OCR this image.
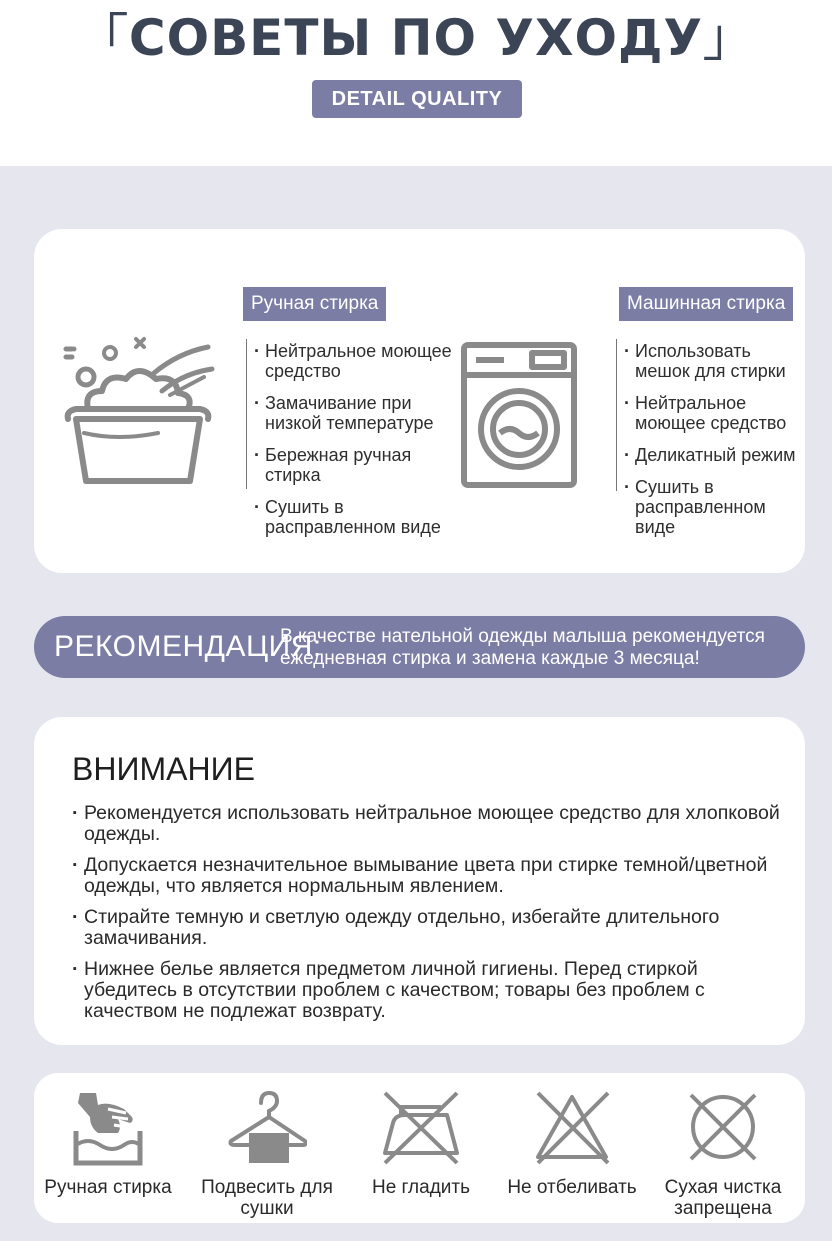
「СОВЕТЫ ПО УХОДУ」
DETAIL QUALITY
Ручная стирка
· Нейтральное моющее средство
· Замачивание при низкой температуре
· Бережная ручная стирка
· Сушить в расправленном виде
Машинная стирка
· Использовать мешок для стирки
· Нейтральное моющее средство
· Деликатный режим
· Сушить в расправленном виде
РЕКОМЕНДАЦИЯ:
В качестве нательной одежды малыша рекомендуется ежедневная стирка и замена каждые 3 месяца!
ВНИМАНИЕ
· Рекомендуется использовать нейтральное моющее средство для хлопковой одежды.
· Допускается незначительное вымывание цвета при стирке темной/цветной одежды, что является нормальным явлением.
· Стирайте темную и светлую одежду отдельно, избегайте длительного замачивания.
· Нижнее белье является предметом личной гигиены. Перед стиркой убедитесь в отсутствии проблем с качеством; товары без проблем с качеством не подлежат возврату.
Ручная стирка	Подвесить для сушки
Не гладить	Не отбеливать	Сухая чистка запрещена
